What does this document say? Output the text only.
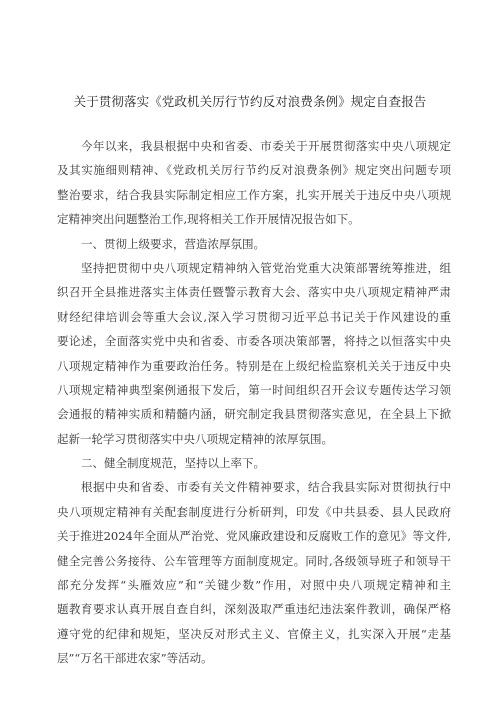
关于贯彻落实《党政机关厉行节约反对浪费条例》规定自查报告
今年以来，我县根据中央和省委、市委关于开展贯彻落实中央八项规定
及其实施细则精神、《党政机关厉行节约反对浪费条例》规定突出问题专项
整治要求，结合我县实际制定相应工作方案，扎实开展关于违反中央八项规
定精神突出问题整治工作,现将相关工作开展情况报告如下。
一、贯彻上级要求，营造浓厚氛围。
坚持把贯彻中央八项规定精神纳入管党治党重大决策部署统筹推进，组
织召开全县推进落实主体责任暨警示教育大会、落实中央八项规定精神严肃
财经纪律培训会等重大会议,深入学习贯彻习近平总书记关于作风建设的重
要论述，全面落实党中央和省委、市委各项决策部署，将持之以恒落实中央
八项规定精神作为重要政治任务。特别是在上级纪检监察机关关于违反中央
八项规定精神典型案例通报下发后，第一时间组织召开会议专题传达学习领
会通报的精神实质和精髓内涵，研究制定我县贯彻落实意见，在全县上下掀
起新一轮学习贯彻落实中央八项规定精神的浓厚氛围。
二、健全制度规范，坚持以上率下。
根据中央和省委、市委有关文件精神要求，结合我县实际对贯彻执行中
央八项规定精神有关配套制度进行分析研判，印发《中共县委、县人民政府
关于推进2024年全面从严治党、党风廉政建设和反腐败工作的意见》等文件,
健全完善公务接待、公车管理等方面制度规定。同时,各级领导班子和领导干
部充分发挥“头雁效应”和“关键少数”作用，对照中央八项规定精神和主
题教育要求认真开展自查自纠，深刻汲取严重违纪违法案件教训，确保严格
遵守党的纪律和规矩，坚决反对形式主义、官僚主义，扎实深入开展“走基
层”“万名干部进农家”等活动。
